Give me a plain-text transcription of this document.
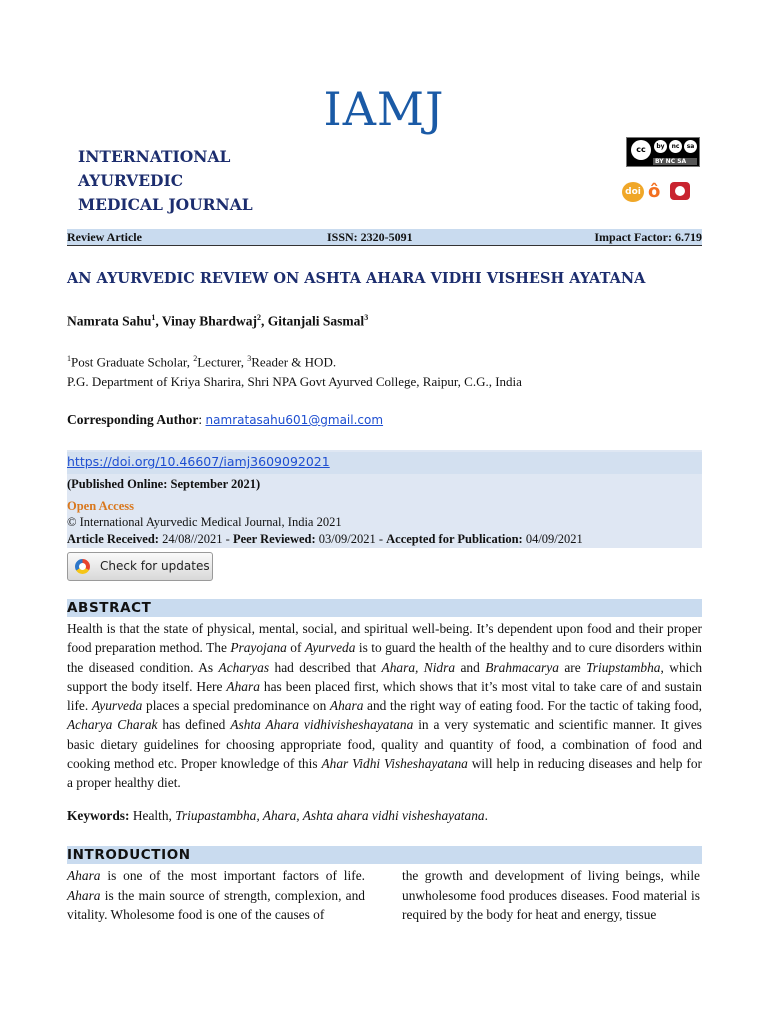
IAMJ
INTERNATIONAL
AYURVEDIC
MEDICAL JOURNAL
cc	by	nc	sa
BY NC SA
doi ô
Review Article	ISSN: 2320-5091	Impact Factor: 6.719
AN AYURVEDIC REVIEW ON ASHTA AHARA VIDHI VISHESH AYATANA
Namrata Sahu$^1$, Vinay Bhardwaj$^2$, Gitanjali Sasmal$^3$
$^1$Post Graduate Scholar, $^2$Lecturer, $^3$Reader & HOD.
P.G. Department of Kriya Sharira, Shri NPA Govt Ayurved College, Raipur, C.G., India
Corresponding Author: namratasahu601@gmail.com
https://doi.org/10.46607/iamj3609092021
(Published Online: September 2021)
Open Access
© International Ayurvedic Medical Journal, India 2021
Article Received: 24/08//2021 - Peer Reviewed: 03/09/2021 - Accepted for Publication: 04/09/2021
Check for updates
ABSTRACT
Health is that the state of physical, mental, social, and spiritual well-being. It’s dependent upon food and their proper food preparation method. The Prayojana of Ayurveda is to guard the health of the healthy and to cure disorders within the diseased condition. As Acharyas had described that Ahara, Nidra and Brahmacarya are Triupstambha, which support the body itself. Here Ahara has been placed first, which shows that it’s most vital to take care of and sustain life. Ayurveda places a special predominance on Ahara and the right way of eating food. For the tactic of taking food, Acharya Charak has defined Ashta Ahara vidhivisheshayatana in a very systematic and scientific manner. It gives basic dietary guidelines for choosing appropriate food, quality and quantity of food, a combination of food and cooking method etc. Proper knowledge of this Ahar Vidhi Visheshayatana will help in reducing diseases and help for a proper healthy diet.
Keywords: Health, Triupastambha, Ahara, Ashta ahara vidhi visheshayatana.
INTRODUCTION
Ahara is one of the most important factors of life. Ahara is the main source of strength, complexion, and vitality. Wholesome food is one of the causes of
the growth and development of living beings, while unwholesome food produces diseases. Food material is required by the body for heat and energy, tissue
